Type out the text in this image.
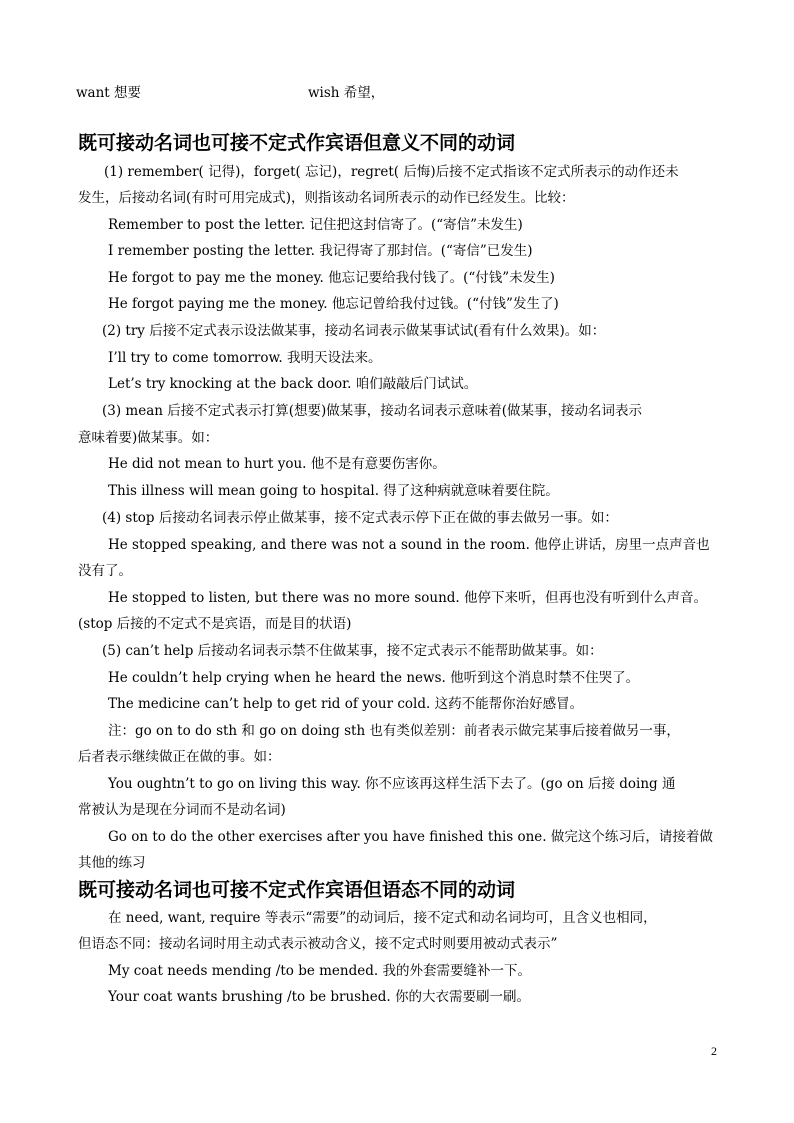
want 想要	wish 希望，
既可接动名词也可接不定式作宾语但意义不同的动词
(1) remember( 记得)，forget( 忘记)，regret( 后悔)后接不定式指该不定式所表示的动作还未
发生，后接动名词(有时可用完成式)，则指该动名词所表示的动作已经发生。比较：
Remember to post the letter. 记住把这封信寄了。(“寄信”未发生)
I remember posting the letter. 我记得寄了那封信。(“寄信”已发生)
He forgot to pay me the money. 他忘记要给我付钱了。(“付钱”未发生)
He forgot paying me the money. 他忘记曾给我付过钱。(“付钱”发生了)
(2) try 后接不定式表示设法做某事，接动名词表示做某事试试(看有什么效果)。如：
I’ll try to come tomorrow. 我明天设法来。
Let’s try knocking at the back door. 咱们敲敲后门试试。
(3) mean 后接不定式表示打算(想要)做某事，接动名词表示意味着(做某事，接动名词表示
意味着要)做某事。如：
He did not mean to hurt you. 他不是有意要伤害你。
This illness will mean going to hospital. 得了这种病就意味着要住院。
(4) stop 后接动名词表示停止做某事，接不定式表示停下正在做的事去做另一事。如：
He stopped speaking, and there was not a sound in the room. 他停止讲话，房里一点声音也
没有了。
He stopped to listen, but there was no more sound. 他停下来听，但再也没有听到什么声音。
(stop 后接的不定式不是宾语，而是目的状语)
(5) can’t help 后接动名词表示禁不住做某事，接不定式表示不能帮助做某事。如：
He couldn’t help crying when he heard the news. 他听到这个消息时禁不住哭了。
The medicine can’t help to get rid of your cold. 这药不能帮你治好感冒。
注：go on to do sth 和 go on doing sth 也有类似差别：前者表示做完某事后接着做另一事，
后者表示继续做正在做的事。如：
You oughtn’t to go on living this way. 你不应该再这样生活下去了。(go on 后接 doing 通
常被认为是现在分词而不是动名词)
Go on to do the other exercises after you have finished this one. 做完这个练习后，请接着做
其他的练习
既可接动名词也可接不定式作宾语但语态不同的动词
在 need, want, require 等表示“需要”的动词后，接不定式和动名词均可，且含义也相同，
但语态不同：接动名词时用主动式表示被动含义，接不定式时则要用被动式表示”
My coat needs mending /to be mended. 我的外套需要缝补一下。
Your coat wants brushing /to be brushed. 你的大衣需要刷一刷。
2
